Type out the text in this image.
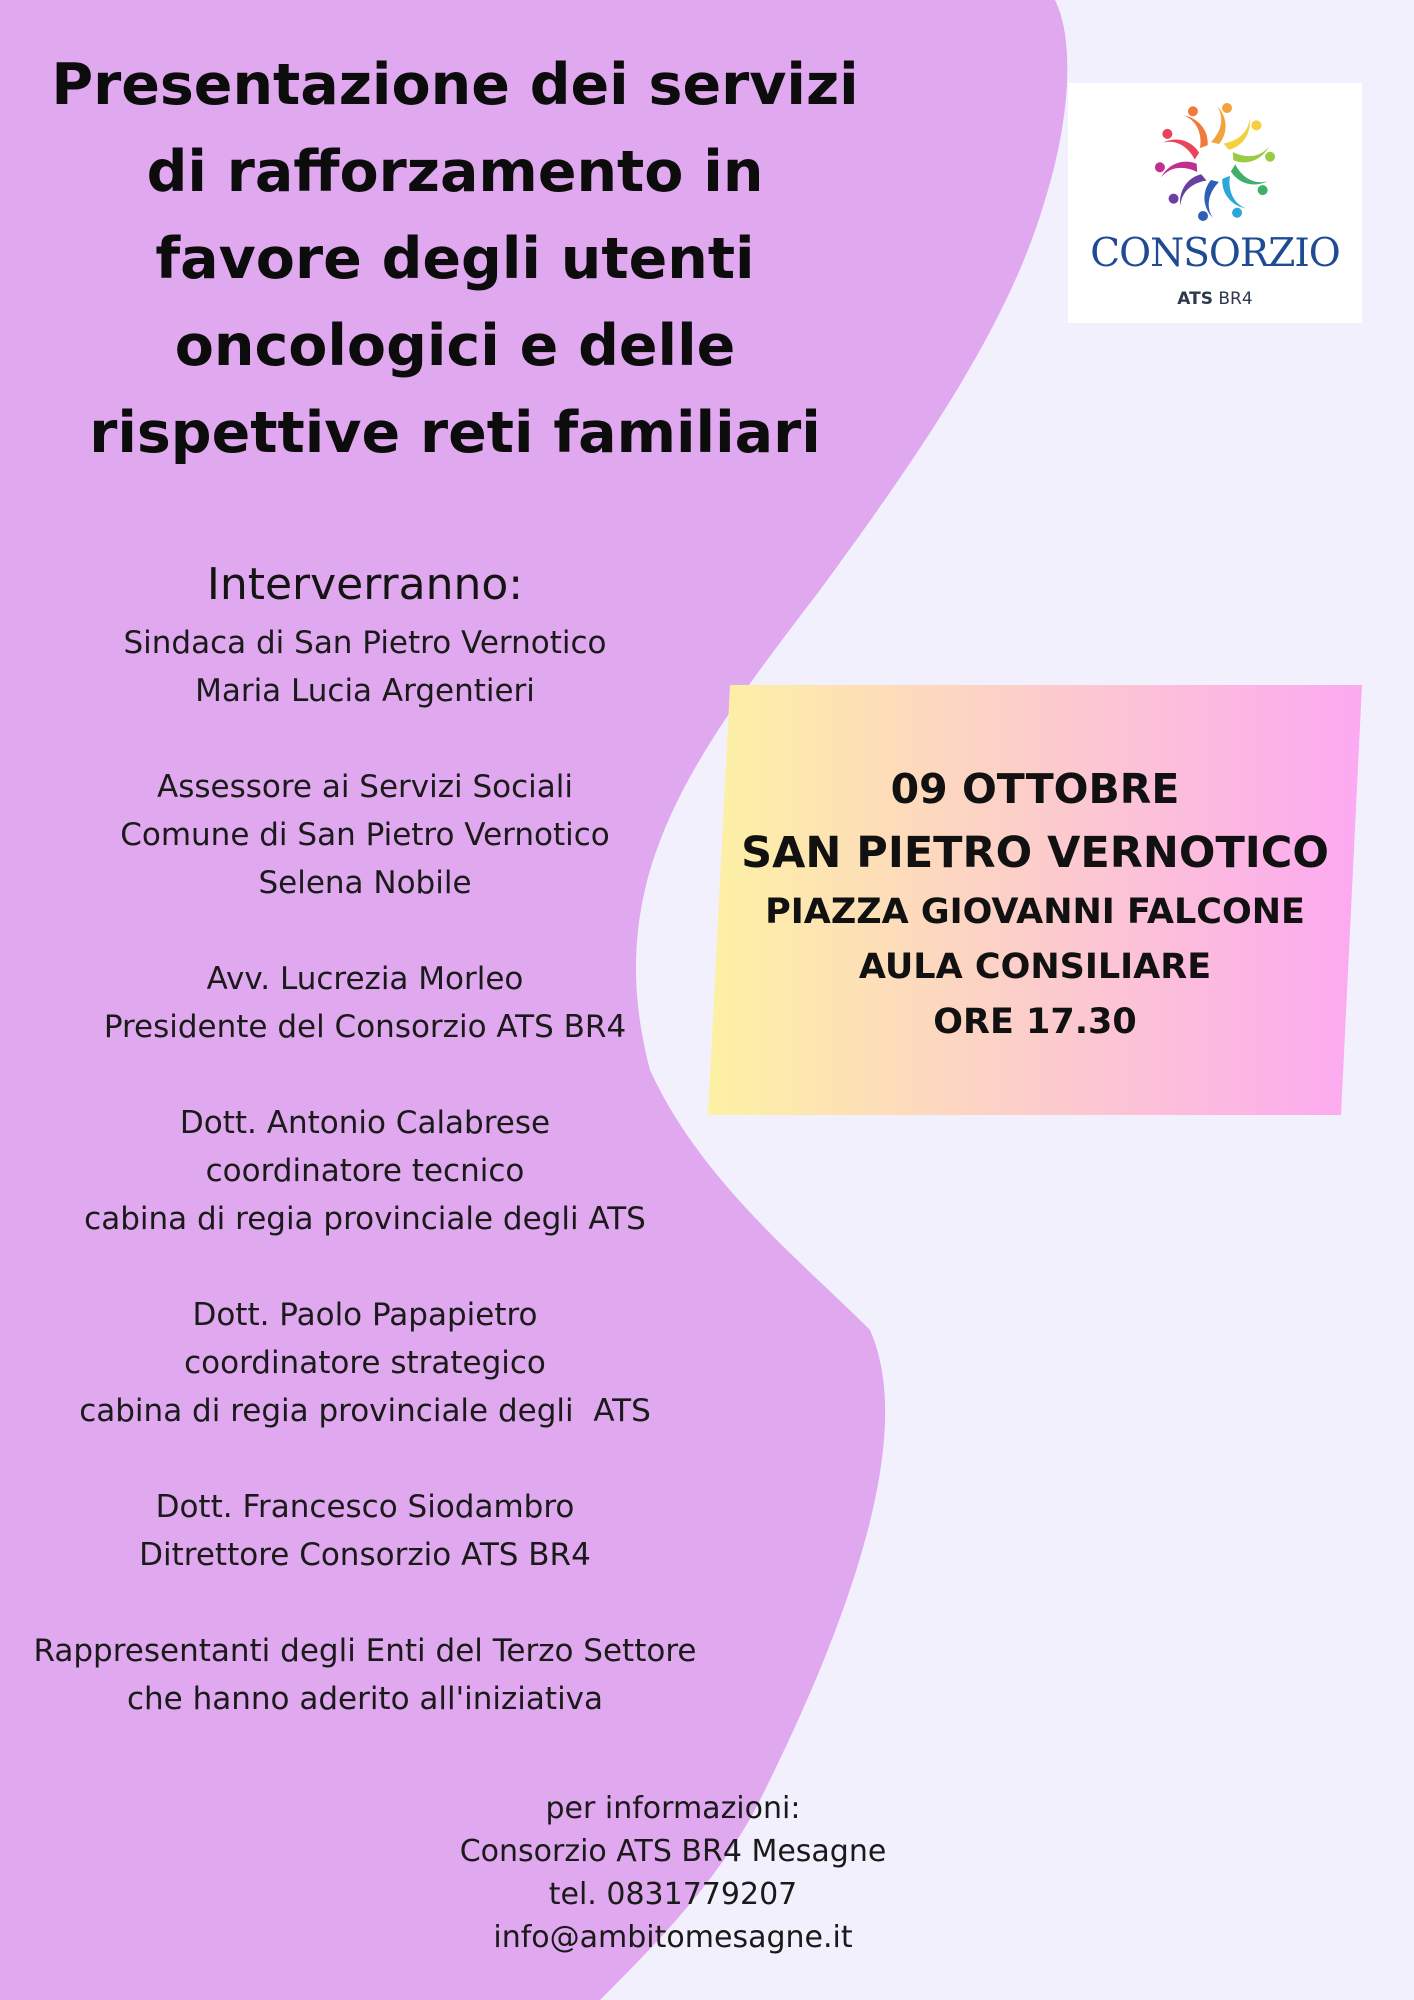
Presentazione dei servizi
di rafforzamento in
favore degli utenti
oncologici e delle
rispettive reti familiari
CONSORZIO
ATS BR4
Interverranno:
Sindaca di San Pietro Vernotico
Maria Lucia Argentieri
Assessore ai Servizi Sociali
Comune di San Pietro Vernotico
Selena Nobile
Avv. Lucrezia Morleo
Presidente del Consorzio ATS BR4
Dott. Antonio Calabrese
coordinatore tecnico
cabina di regia provinciale degli ATS
Dott. Paolo Papapietro
coordinatore strategico
cabina di regia provinciale degli  ATS
Dott. Francesco Siodambro
Ditrettore Consorzio ATS BR4
Rappresentanti degli Enti del Terzo Settore
che hanno aderito all'iniziativa
09 OTTOBRE
SAN PIETRO VERNOTICO
PIAZZA GIOVANNI FALCONE
AULA CONSILIARE
ORE 17.30
per informazioni:
Consorzio ATS BR4 Mesagne
tel. 0831779207
info@ambitomesagne.it
